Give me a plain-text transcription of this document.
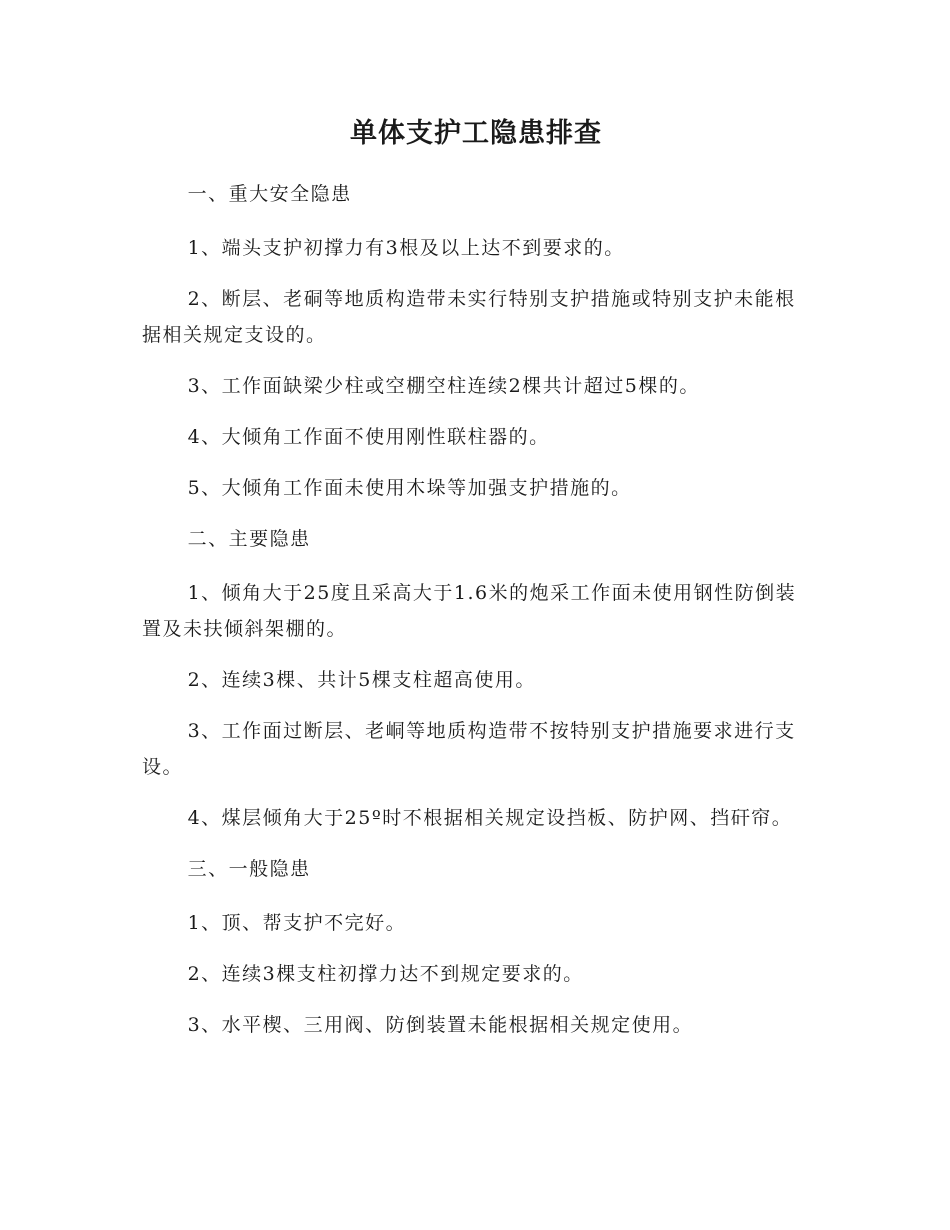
单体支护工隐患排查

一、重大安全隐患

1、端头支护初撑力有3根及以上达不到要求的。

2、断层、老硐等地质构造带未实行特别支护措施或特别支护未能根据相关规定支设的。

3、工作面缺梁少柱或空棚空柱连续2棵共计超过5棵的。

4、大倾角工作面不使用刚性联柱器的。

5、大倾角工作面未使用木垛等加强支护措施的。

二、主要隐患

1、倾角大于25度且采高大于1.6米的炮采工作面未使用钢性防倒装置及未扶倾斜架棚的。

2、连续3棵、共计5棵支柱超高使用。

3、工作面过断层、老峒等地质构造带不按特别支护措施要求进行支设。

4、煤层倾角大于25º时不根据相关规定设挡板、防护网、挡矸帘。

三、一般隐患

1、顶、帮支护不完好。

2、连续3棵支柱初撑力达不到规定要求的。

3、水平楔、三用阀、防倒装置未能根据相关规定使用。
